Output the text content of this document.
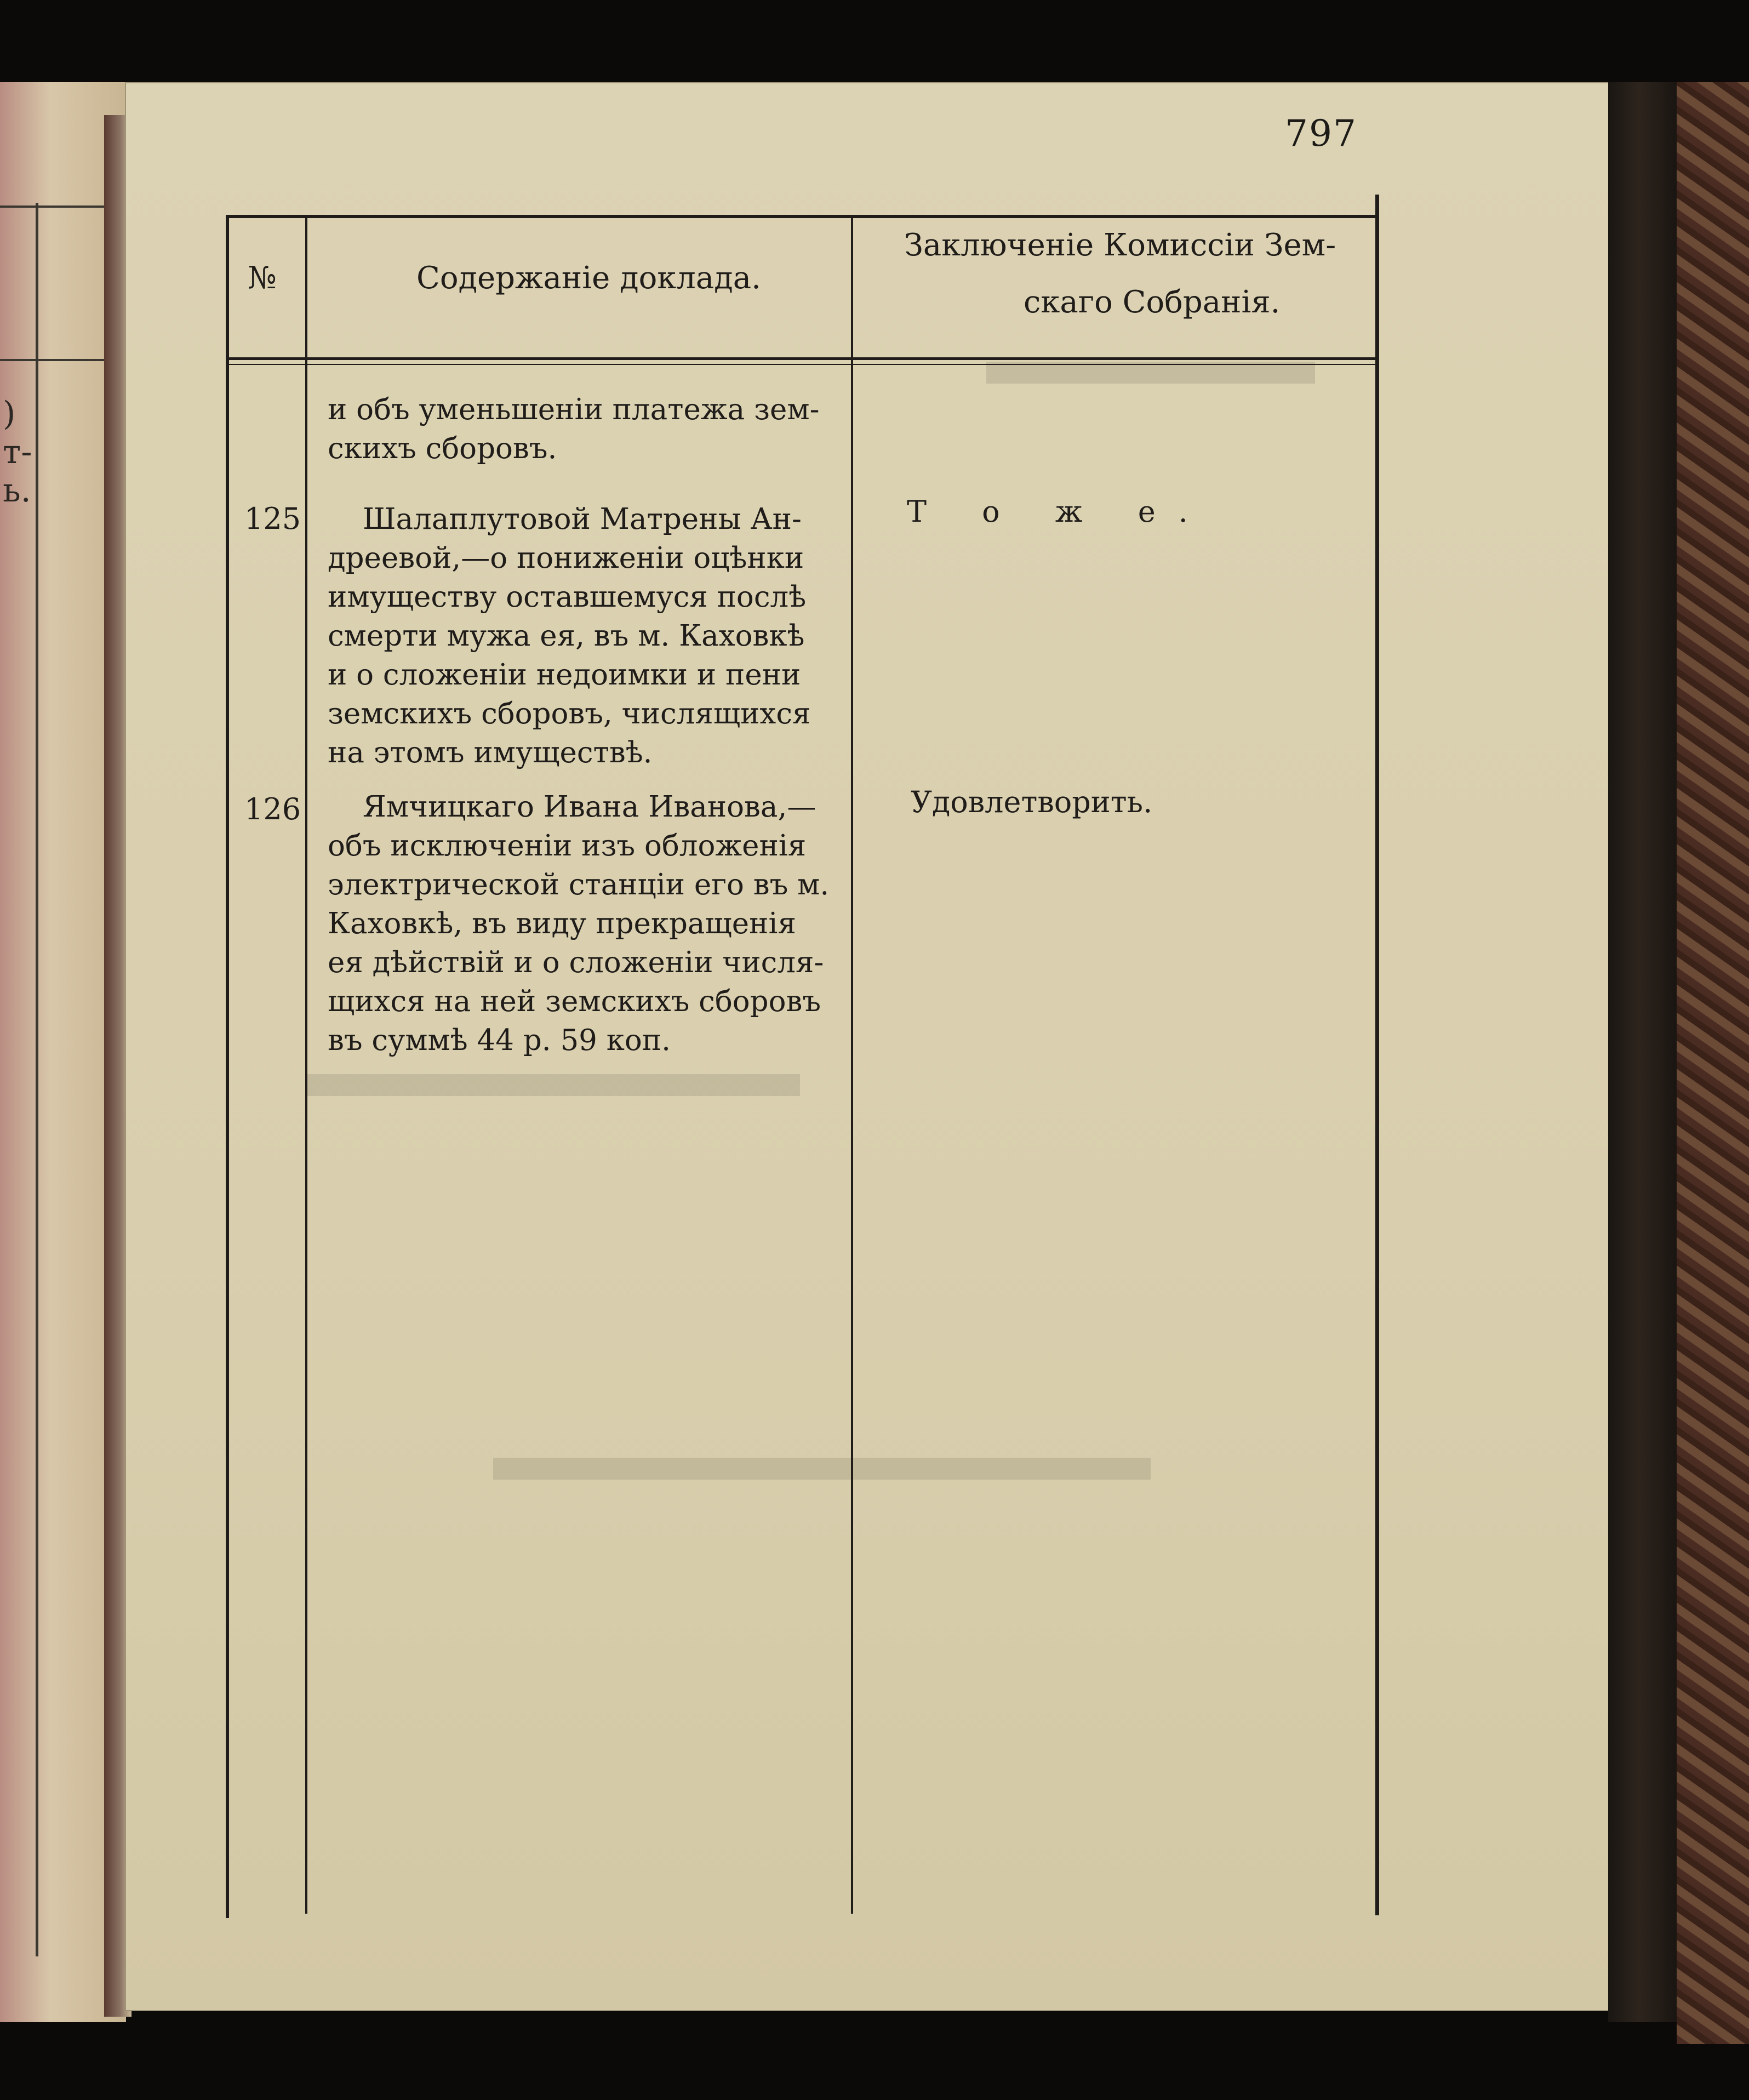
)
т-
ь.
797
№	Содержаніе доклада.
Заключеніе Комиссіи Зем-
скаго Собранія.
и объ уменьшеніи платежа зем-
скихъ сборовъ.
125 Шалаплутовой Матрены Ан-
дреевой,—о пониженіи оцѣнки
имуществу оставшемуся послѣ
смерти мужа ея, въ м. Каховкѣ
и о сложеніи недоимки и пени
земскихъ сборовъ, числящихся
на этомъ имуществѣ.
Т о ж е.
126 Ямчицкаго Ивана Иванова,—
объ исключеніи изъ обложенія
электрической станціи его въ м.
Каховкѣ, въ виду прекращенія
ея дѣйствій и о сложеніи числя-
щихся на ней земскихъ сборовъ
въ суммѣ 44 р. 59 коп.
Удовлетворить.
